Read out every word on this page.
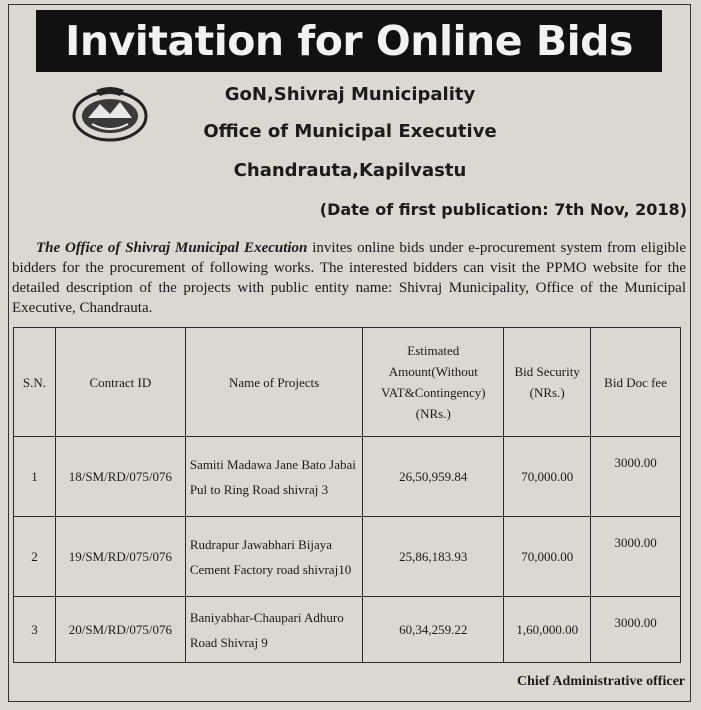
Invitation for Online Bids
GoN,Shivraj Municipality
Office of Municipal Executive
Chandrauta,Kapilvastu
(Date of first publication: 7th Nov, 2018)
The Office of Shivraj Municipal Execution invites online bids under e-procurement system from eligible bidders for the procurement of following works. The interested bidders can visit the PPMO website for the detailed description of the projects with public entity name: Shivraj Municipality, Office of the Municipal Executive, Chandrauta.
S.N.	Contract ID	Name of Projects	Estimated Amount(Without VAT&Contingency) (NRs.)	Bid Security (NRs.)	Bid Doc fee
1	18/SM/RD/075/076	Samiti Madawa Jane Bato Jabai Pul to Ring Road shivraj 3	26,50,959.84	70,000.00	3000.00
2	19/SM/RD/075/076	Rudrapur Jawabhari Bijaya Cement Factory road shivraj10	25,86,183.93	70,000.00	3000.00
3	20/SM/RD/075/076	Baniyabhar-Chaupari Adhuro Road Shivraj 9	60,34,259.22	1,60,000.00	3000.00
Chief Administrative officer
